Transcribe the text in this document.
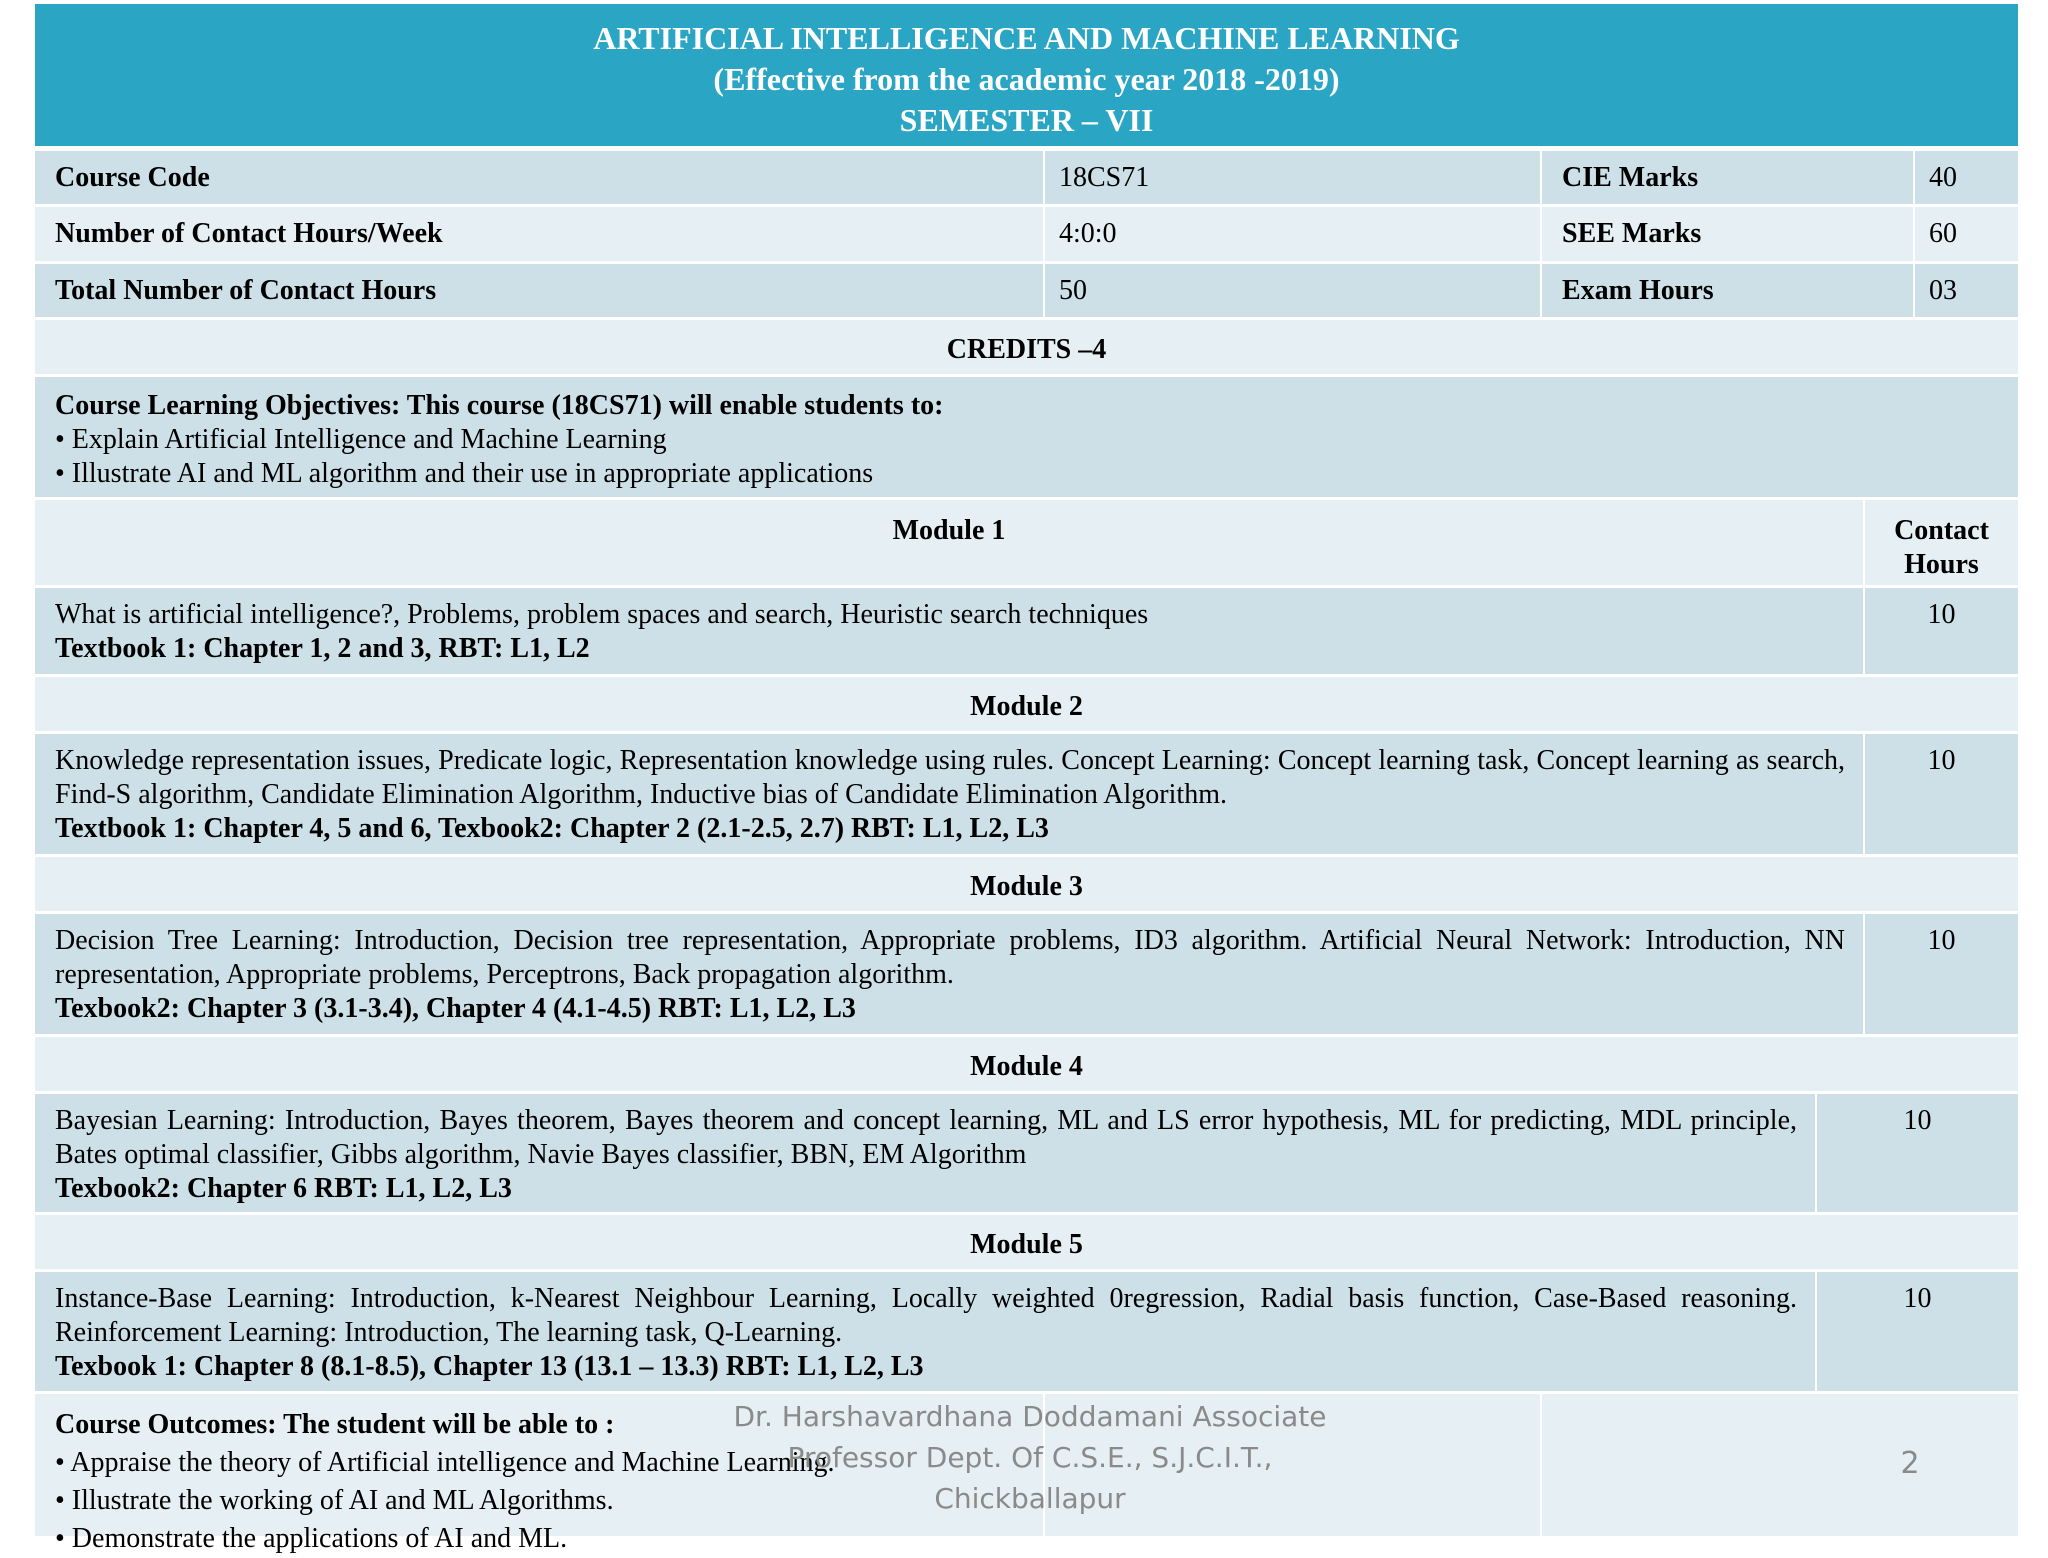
ARTIFICIAL INTELLIGENCE AND MACHINE LEARNING
(Effective from the academic year 2018 -2019)
SEMESTER – VII
Course Code	18CS71	CIE Marks	40
Number of Contact Hours/Week	4:0:0	SEE Marks	60
Total Number of Contact Hours	50	Exam Hours	03
CREDITS –4
Course Learning Objectives: This course (18CS71) will enable students to:
• Explain Artificial Intelligence and Machine Learning
• Illustrate AI and ML algorithm and their use in appropriate applications
Module 1	Contact Hours
What is artificial intelligence?, Problems, problem spaces and search, Heuristic search techniques
Textbook 1: Chapter 1, 2 and 3, RBT: L1, L2
10
Module 2
Knowledge representation issues, Predicate logic, Representation knowledge using rules. Concept Learning: Concept learning task, Concept learning as search, Find-S algorithm, Candidate Elimination Algorithm, Inductive bias of Candidate Elimination Algorithm.
Textbook 1: Chapter 4, 5 and 6, Texbook2: Chapter 2 (2.1-2.5, 2.7) RBT: L1, L2, L3
10
Module 3
Decision Tree Learning: Introduction, Decision tree representation, Appropriate problems, ID3 algorithm. Artificial Neural Network: Introduction, NN representation, Appropriate problems, Perceptrons, Back propagation algorithm.
Texbook2: Chapter 3 (3.1-3.4), Chapter 4 (4.1-4.5) RBT: L1, L2, L3
10
Module 4
Bayesian Learning: Introduction, Bayes theorem, Bayes theorem and concept learning, ML and LS error hypothesis, ML for predicting, MDL principle, Bates optimal classifier, Gibbs algorithm, Navie Bayes classifier, BBN, EM Algorithm
Texbook2: Chapter 6 RBT: L1, L2, L3
10
Module 5
Instance-Base Learning: Introduction, k-Nearest Neighbour Learning, Locally weighted 0regression, Radial basis function, Case-Based reasoning. Reinforcement Learning: Introduction, The learning task, Q-Learning.
Texbook 1: Chapter 8 (8.1-8.5), Chapter 13 (13.1 – 13.3) RBT: L1, L2, L3
10
Course Outcomes: The student will be able to :
• Appraise the theory of Artificial intelligence and Machine Learning.
• Illustrate the working of AI and ML Algorithms.
• Demonstrate the applications of AI and ML.
Dr. Harshavardhana Doddamani Associate Professor Dept. Of C.S.E., S.J.C.I.T., Chickballapur
2
